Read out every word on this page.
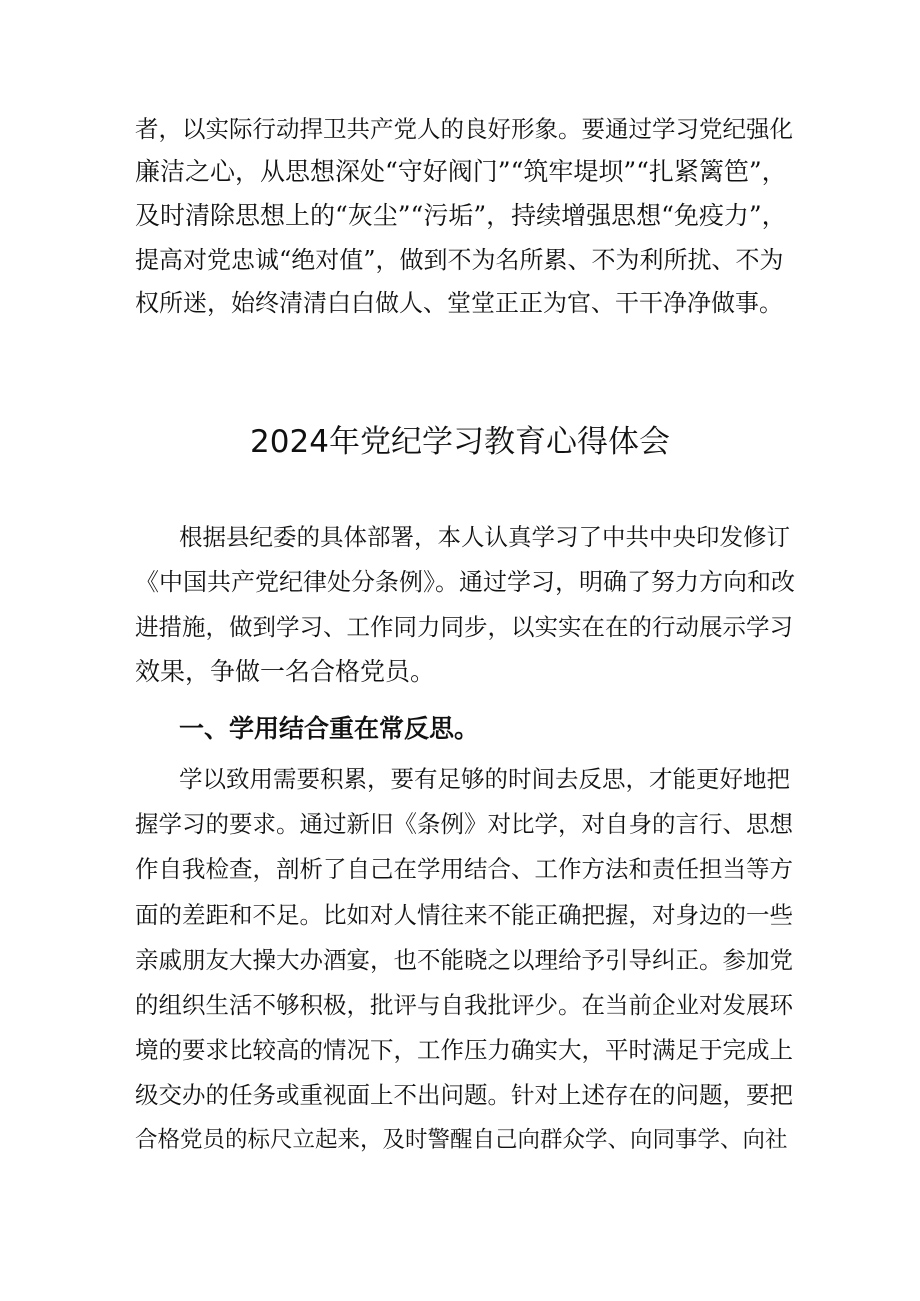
者，以实际行动捍卫共产党人的良好形象。要通过学习党纪强化
廉洁之心，从思想深处“守好阀门”“筑牢堤坝”“扎紧篱笆”，
及时清除思想上的“灰尘”“污垢”，持续增强思想“免疫力”，
提高对党忠诚“绝对值”，做到不为名所累、不为利所扰、不为
权所迷，始终清清白白做人、堂堂正正为官、干干净净做事。
2024年党纪学习教育心得体会
根据县纪委的具体部署，本人认真学习了中共中央印发修订
《中国共产党纪律处分条例》。通过学习，明确了努力方向和改
进措施，做到学习、工作同力同步，以实实在在的行动展示学习
效果，争做一名合格党员。
一、学用结合重在常反思。
学以致用需要积累，要有足够的时间去反思，才能更好地把
握学习的要求。通过新旧《条例》对比学，对自身的言行、思想
作自我检查，剖析了自己在学用结合、工作方法和责任担当等方
面的差距和不足。比如对人情往来不能正确把握，对身边的一些
亲戚朋友大操大办酒宴，也不能晓之以理给予引导纠正。参加党
的组织生活不够积极，批评与自我批评少。在当前企业对发展环
境的要求比较高的情况下，工作压力确实大，平时满足于完成上
级交办的任务或重视面上不出问题。针对上述存在的问题，要把
合格党员的标尺立起来，及时警醒自己向群众学、向同事学、向社
